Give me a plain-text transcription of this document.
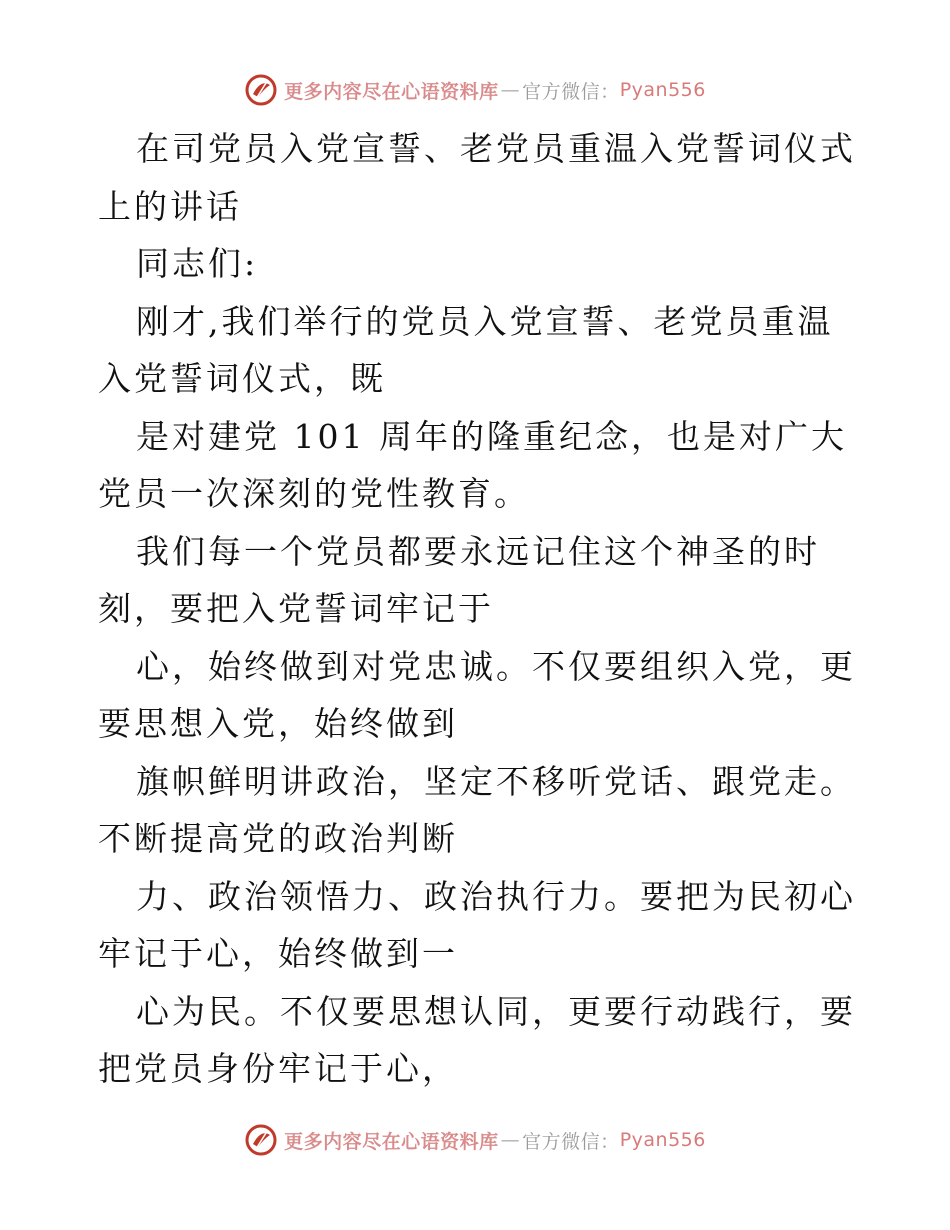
更多内容尽在心语资料库 — 官方微信： Pyan556

在司党员入党宣誓、老党员重温入党誓词仪式上的讲话

同志们:

刚才,我们举行的党员入党宣誓、老党员重温入党誓词仪式，既

是对建党 101 周年的隆重纪念，也是对广大党员一次深刻的党性教育。

我们每一个党员都要永远记住这个神圣的时刻，要把入党誓词牢记于

心，始终做到对党忠诚。不仅要组织入党，更要思想入党，始终做到

旗帜鲜明讲政治，坚定不移听党话、跟党走。不断提高党的政治判断

力、政治领悟力、政治执行力。要把为民初心牢记于心，始终做到一

心为民。不仅要思想认同，更要行动践行，要把党员身份牢记于心，

更多内容尽在心语资料库 — 官方微信： Pyan556
